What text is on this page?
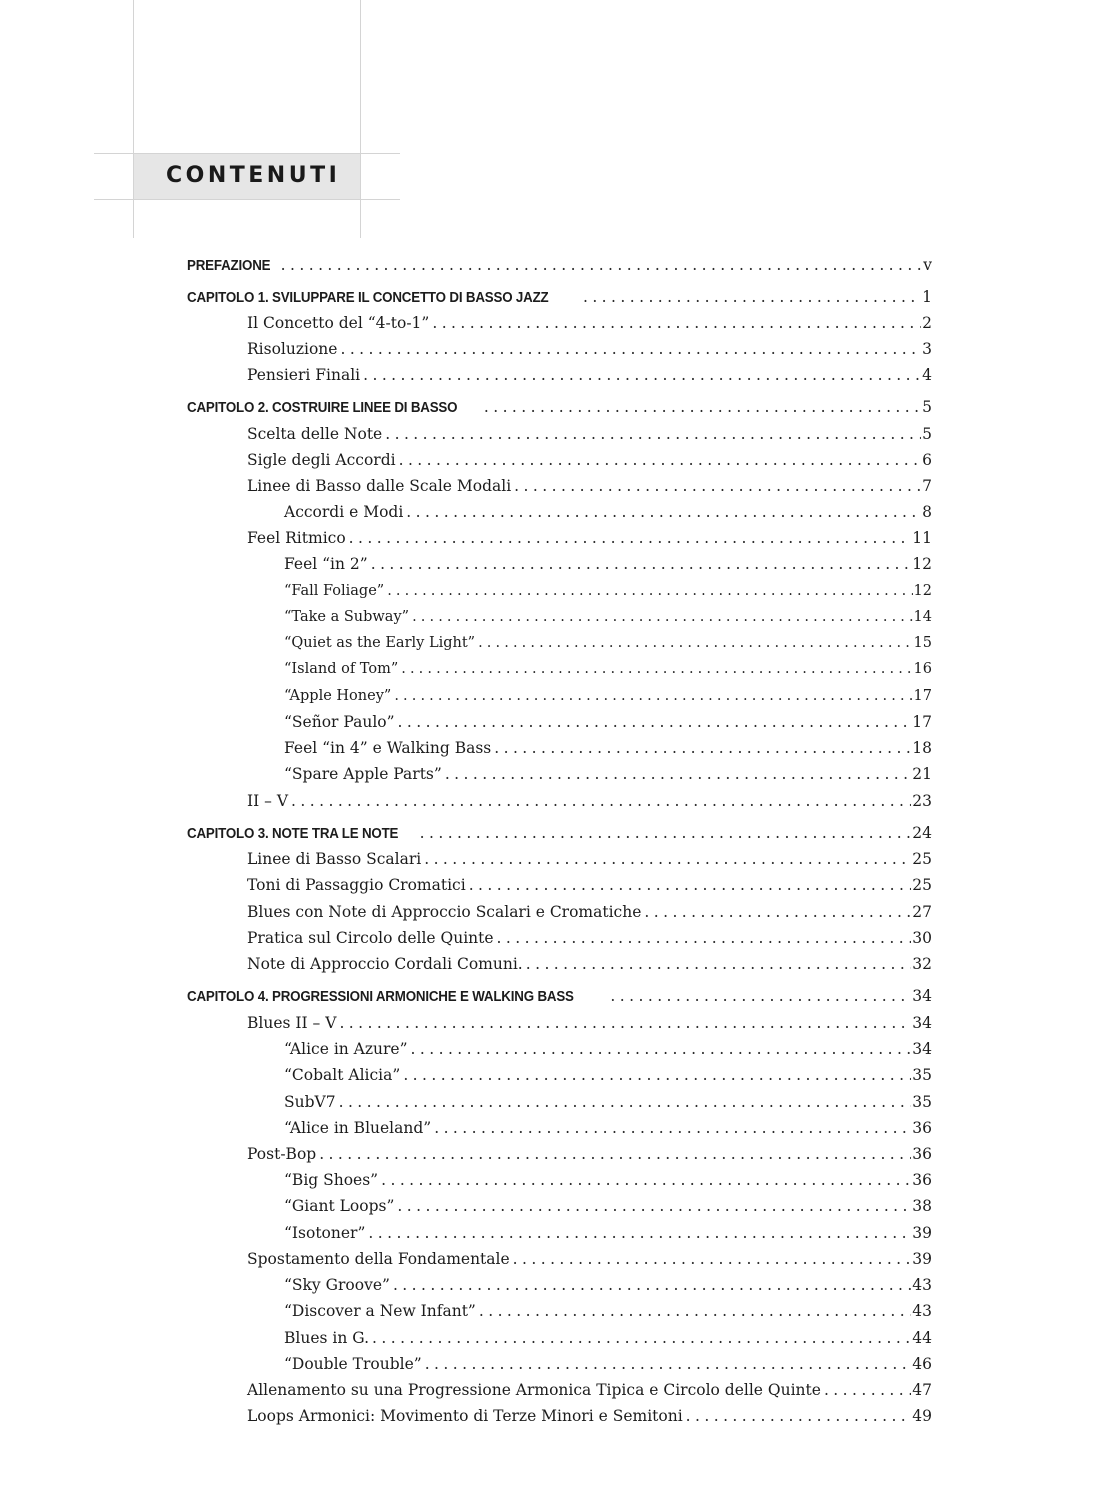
CONTENUTI
PREFAZIONE . . .	v
CAPITOLO 1. SVILUPPARE IL CONCETTO DI BASSO JAZZ . . .	1
Il Concetto del “4-to-1” . . .	2
Risoluzione . . .	3
Pensieri Finali . . .	4
CAPITOLO 2. COSTRUIRE LINEE DI BASSO . . .	5
Scelta delle Note . . .	5
Sigle degli Accordi . . .	6
Linee di Basso dalle Scale Modali . . .	7
Accordi e Modi . . .	8
Feel Ritmico . . .	11
Feel “in 2” . . .	12
“Fall Foliage” . . .	12
“Take a Subway” . . .	14
“Quiet as the Early Light” . . .	15
“Island of Tom” . . .	16
“Apple Honey” . . .	17
“Señor Paulo” . . .	17
Feel “in 4” e Walking Bass . . .	18
“Spare Apple Parts” . . .	21
II – V . . .	23
CAPITOLO 3. NOTE TRA LE NOTE . . .	24
Linee di Basso Scalari . . .	25
Toni di Passaggio Cromatici . . .	25
Blues con Note di Approccio Scalari e Cromatiche . . .	27
Pratica sul Circolo delle Quinte . . .	30
Note di Approccio Cordali Comuni. . . .	32
CAPITOLO 4. PROGRESSIONI ARMONICHE E WALKING BASS . . .	34
Blues II – V . . .	34
“Alice in Azure” . . .	34
“Cobalt Alicia” . . .	35
SubV7 . . .	35
“Alice in Blueland” . . .	36
Post-Bop . . .	36
“Big Shoes” . . .	36
“Giant Loops” . . .	38
“Isotoner” . . .	39
Spostamento della Fondamentale . . .	39
“Sky Groove” . . .	43
“Discover a New Infant” . . .	43
Blues in G. . . .	44
“Double Trouble” . . .	46
Allenamento su una Progressione Armonica Tipica e Circolo delle Quinte . . .	47
Loops Armonici: Movimento di Terze Minori e Semitoni . . .	49
